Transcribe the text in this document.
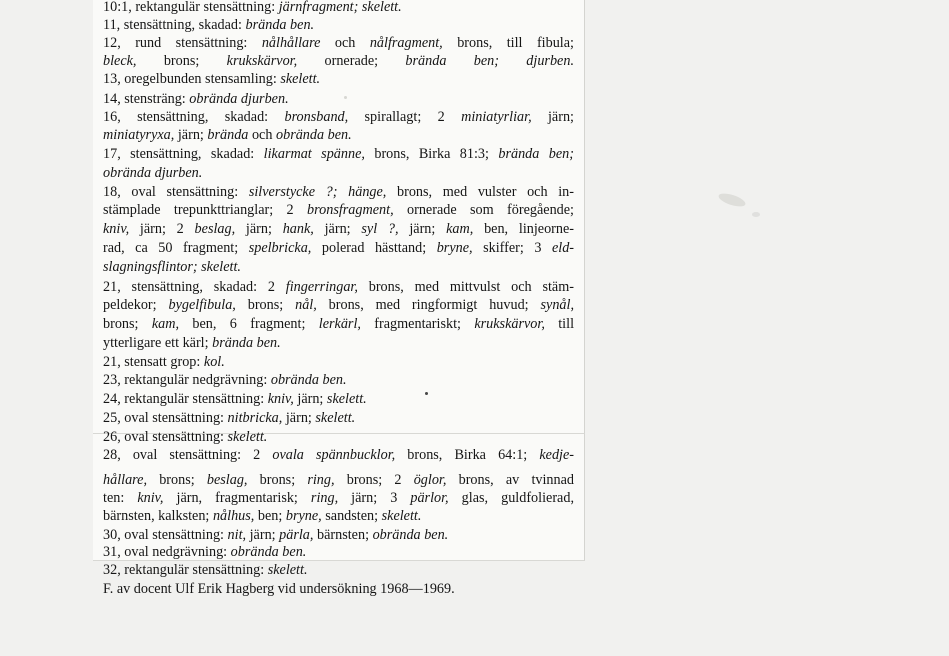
10:1, rektangulär stensättning: järnfragment; skelett.
11, stensättning, skadad: brända ben.
12, rund stensättning: nålhållare och nålfragment, brons, till fibula;
bleck, brons; krukskärvor, ornerade; brända ben; djurben.
13, oregelbunden stensamling: skelett.
14, stensträng: obrända djurben.
16, stensättning, skadad: bronsband, spirallagt; 2 miniatyrliar, järn;
miniatyryxa, järn; brända och obrända ben.
17, stensättning, skadad: likarmat spänne, brons, Birka 81:3; brända ben;
obrända djurben.
18, oval stensättning: silverstycke ?; hänge, brons, med vulster och in-
stämplade trepunkttrianglar; 2 bronsfragment, ornerade som föregående;
kniv, järn; 2 beslag, järn; hank, järn; syl ?, järn; kam, ben, linjeorne-
rad, ca 50 fragment; spelbricka, polerad hästtand; bryne, skiffer; 3 eld-
slagningsflintor; skelett.
21, stensättning, skadad: 2 fingerringar, brons, med mittvulst och stäm-
peldekor; bygelfibula, brons; nål, brons, med ringformigt huvud; synål,
brons; kam, ben, 6 fragment; lerkärl, fragmentariskt; krukskärvor, till
ytterligare ett kärl; brända ben.
21, stensatt grop: kol.
23, rektangulär nedgrävning: obrända ben.
24, rektangulär stensättning: kniv, järn; skelett.
25, oval stensättning: nitbricka, järn; skelett.
26, oval stensättning: skelett.
28, oval stensättning: 2 ovala spännbucklor, brons, Birka 64:1; kedje-
hållare, brons; beslag, brons; ring, brons; 2 öglor, brons, av tvinnad
ten: kniv, järn, fragmentarisk; ring, järn; 3 pärlor, glas, guldfolierad,
bärnsten, kalksten; nålhus, ben; bryne, sandsten; skelett.
30, oval stensättning: nit, järn; pärla, bärnsten; obrända ben.
31, oval nedgrävning: obrända ben.
32, rektangulär stensättning: skelett.
F. av docent Ulf Erik Hagberg vid undersökning 1968—1969.
